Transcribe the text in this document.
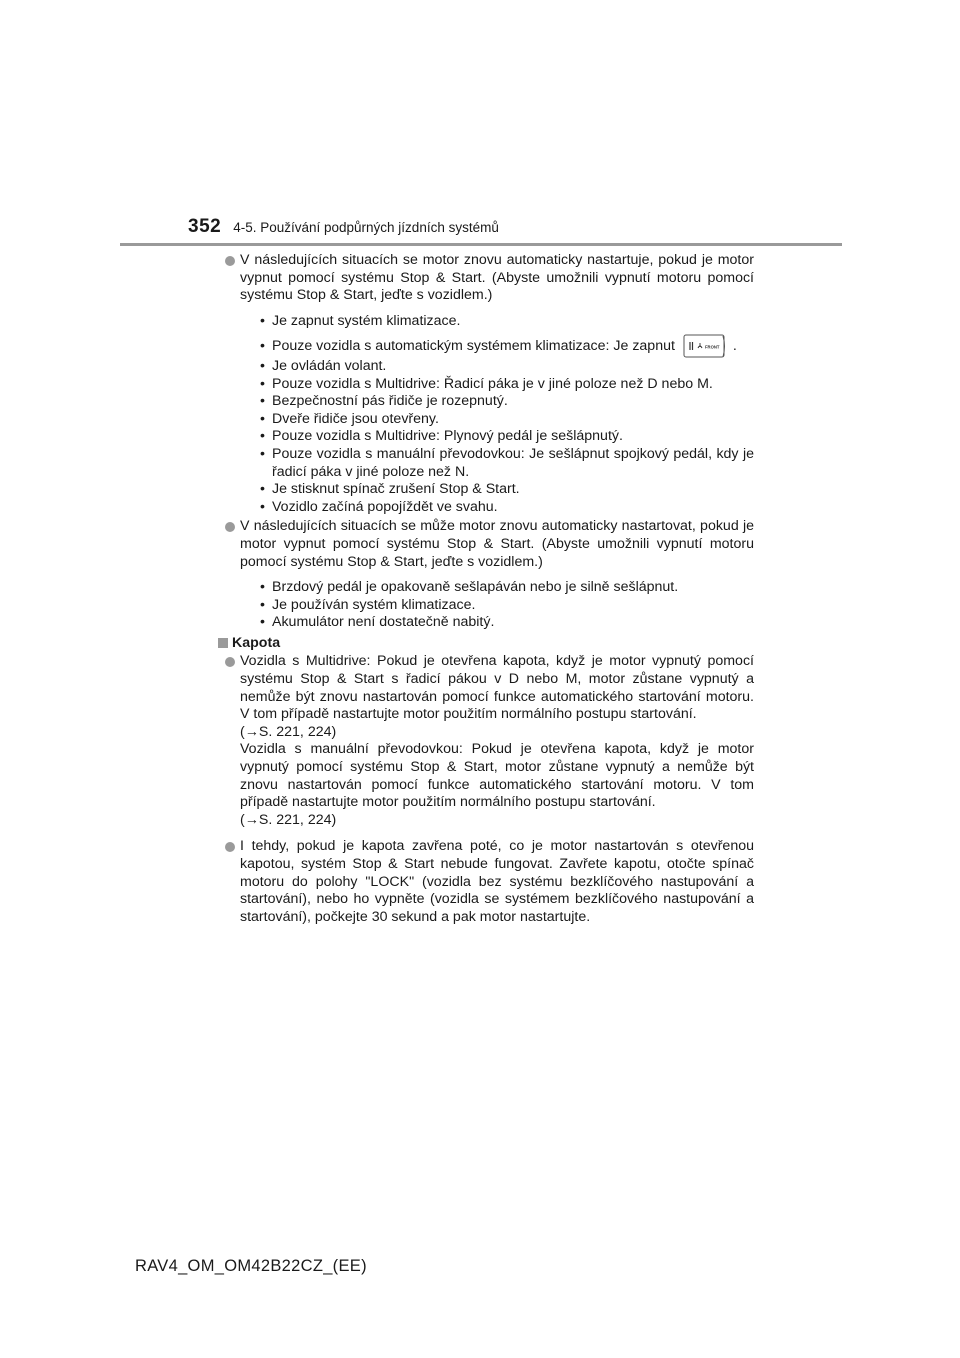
352 4-5. Používání podpůrných jízdních systémů
V následujících situacích se motor znovu automaticky nastartuje, pokud je motor vypnut pomocí systému Stop & Start. (Abyste umožnili vypnutí motoru pomocí systému Stop & Start, jeďte s vozidlem.)
• Je zapnut systém klimatizace.
• Pouze vozidla s automatickým systémem klimatizace: Je zapnut	FRONT .
• Je ovládán volant.
• Pouze vozidla s Multidrive: Řadicí páka je v jiné poloze než D nebo M.
• Bezpečnostní pás řidiče je rozepnutý.
• Dveře řidiče jsou otevřeny.
• Pouze vozidla s Multidrive: Plynový pedál je sešlápnutý.
• Pouze vozidla s manuální převodovkou: Je sešlápnut spojkový pedál, kdy je řadicí páka v jiné poloze než N.
• Je stisknut spínač zrušení Stop & Start.
• Vozidlo začíná popojíždět ve svahu.
V následujících situacích se může motor znovu automaticky nastartovat, pokud je motor vypnut pomocí systému Stop & Start. (Abyste umožnili vypnutí motoru pomocí systému Stop & Start, jeďte s vozidlem.)
• Brzdový pedál je opakovaně sešlapáván nebo je silně sešlápnut.
• Je používán systém klimatizace.
• Akumulátor není dostatečně nabitý.
Kapota
Vozidla s Multidrive: Pokud je otevřena kapota, když je motor vypnutý pomocí systému Stop & Start s řadicí pákou v D nebo M, motor zůstane vypnutý a nemůže být znovu nastartován pomocí funkce automatického startování motoru. V tom případě nastartujte motor použitím normálního postupu startování.
(→S. 221, 224)
Vozidla s manuální převodovkou: Pokud je otevřena kapota, když je motor vypnutý pomocí systému Stop & Start, motor zůstane vypnutý a nemůže být znovu nastartován pomocí funkce automatického startování motoru. V tom případě nastartujte motor použitím normálního postupu startování.
(→S. 221, 224)
I tehdy, pokud je kapota zavřena poté, co je motor nastartován s otevřenou kapotou, systém Stop & Start nebude fungovat. Zavřete kapotu, otočte spínač motoru do polohy "LOCK" (vozidla bez systému bezklíčového nastupování a startování), nebo ho vypněte (vozidla se systémem bezklíčového nastupování a startování), počkejte 30 sekund a pak motor nastartujte.
RAV4_OM_OM42B22CZ_(EE)
